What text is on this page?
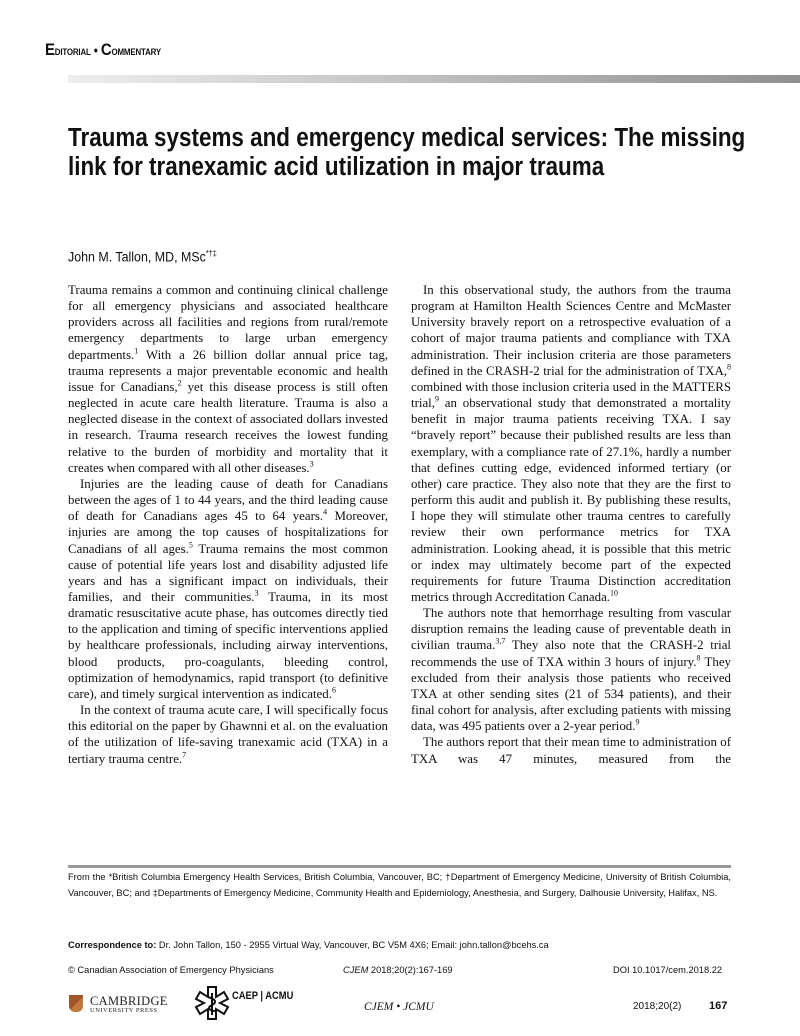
Editorial • Commentary
Trauma systems and emergency medical services: The missing link for tranexamic acid utilization in major trauma
John M. Tallon, MD, MSc*†‡

Trauma remains a common and continuing clinical challenge for all emergency physicians and associated healthcare providers across all facilities and regions from rural/remote emergency departments to large urban emergency departments.$^1$ With a 26 billion dollar annual price tag, trauma represents a major preventable economic and health issue for Canadians,$^2$ yet this disease process is still often neglected in acute care health literature. Trauma is also a neglected disease in the context of associated dollars invested in research. Trauma research receives the lowest funding relative to the burden of morbidity and mortality that it creates when compared with all other diseases.$^3$

Injuries are the leading cause of death for Canadians between the ages of 1 to 44 years, and the third leading cause of death for Canadians ages 45 to 64 years.$^4$ Moreover, injuries are among the top causes of hospitalizations for Canadians of all ages.$^5$ Trauma remains the most common cause of potential life years lost and disability adjusted life years and has a significant impact on individuals, their families, and their communities.$^3$ Trauma, in its most dramatic resuscitative acute phase, has outcomes directly tied to the application and timing of specific interventions applied by healthcare professionals, including airway interventions, blood products, pro-coagulants, bleeding control, optimization of hemodynamics, rapid transport (to definitive care), and timely surgical intervention as indicated.$^6$

In the context of trauma acute care, I will specifically focus this editorial on the paper by Ghawnni et al. on the evaluation of the utilization of life-saving tranexamic acid (TXA) in a tertiary trauma centre.$^7$

In this observational study, the authors from the trauma program at Hamilton Health Sciences Centre and McMaster University bravely report on a retrospective evaluation of a cohort of major trauma patients and compliance with TXA administration. Their inclusion criteria are those parameters defined in the CRASH-2 trial for the administration of TXA,$^8$ combined with those inclusion criteria used in the MATTERS trial,$^9$ an observational study that demonstrated a mortality benefit in major trauma patients receiving TXA. I say “bravely report” because their published results are less than exemplary, with a compliance rate of 27.1%, hardly a number that defines cutting edge, evidenced informed tertiary (or other) care practice. They also note that they are the first to perform this audit and publish it. By publishing these results, I hope they will stimulate other trauma centres to carefully review their own performance metrics for TXA administration. Looking ahead, it is possible that this metric or index may ultimately become part of the expected requirements for future Trauma Distinction accreditation metrics through Accreditation Canada.$^{10}$

The authors note that hemorrhage resulting from vascular disruption remains the leading cause of preventable death in civilian trauma.$^{3,7}$ They also note that the CRASH-2 trial recommends the use of TXA within 3 hours of injury.$^8$ They excluded from their analysis those patients who received TXA at other sending sites (21 of 534 patients), and their final cohort for analysis, after excluding patients with missing data, was 495 patients over a 2-year period.$^9$

The authors report that their mean time to administration of TXA was 47 minutes, measured from the

From the *British Columbia Emergency Health Services, British Columbia, Vancouver, BC; †Department of Emergency Medicine, University of British Columbia, Vancouver, BC; and ‡Departments of Emergency Medicine, Community Health and Epidemiology, Anesthesia, and Surgery, Dalhousie University, Halifax, NS.
Correspondence to: Dr. John Tallon, 150 - 2955 Virtual Way, Vancouver, BC V5M 4X6; Email: john.tallon@bcehs.ca
© Canadian Association of Emergency Physicians	CJEM 2018;20(2):167-169	DOI 10.1017/cem.2018.22
CAMBRIDGE
UNIVERSITY PRESS
CAEP | ACMU
CJEM • JCMU	2018;20(2)	167
